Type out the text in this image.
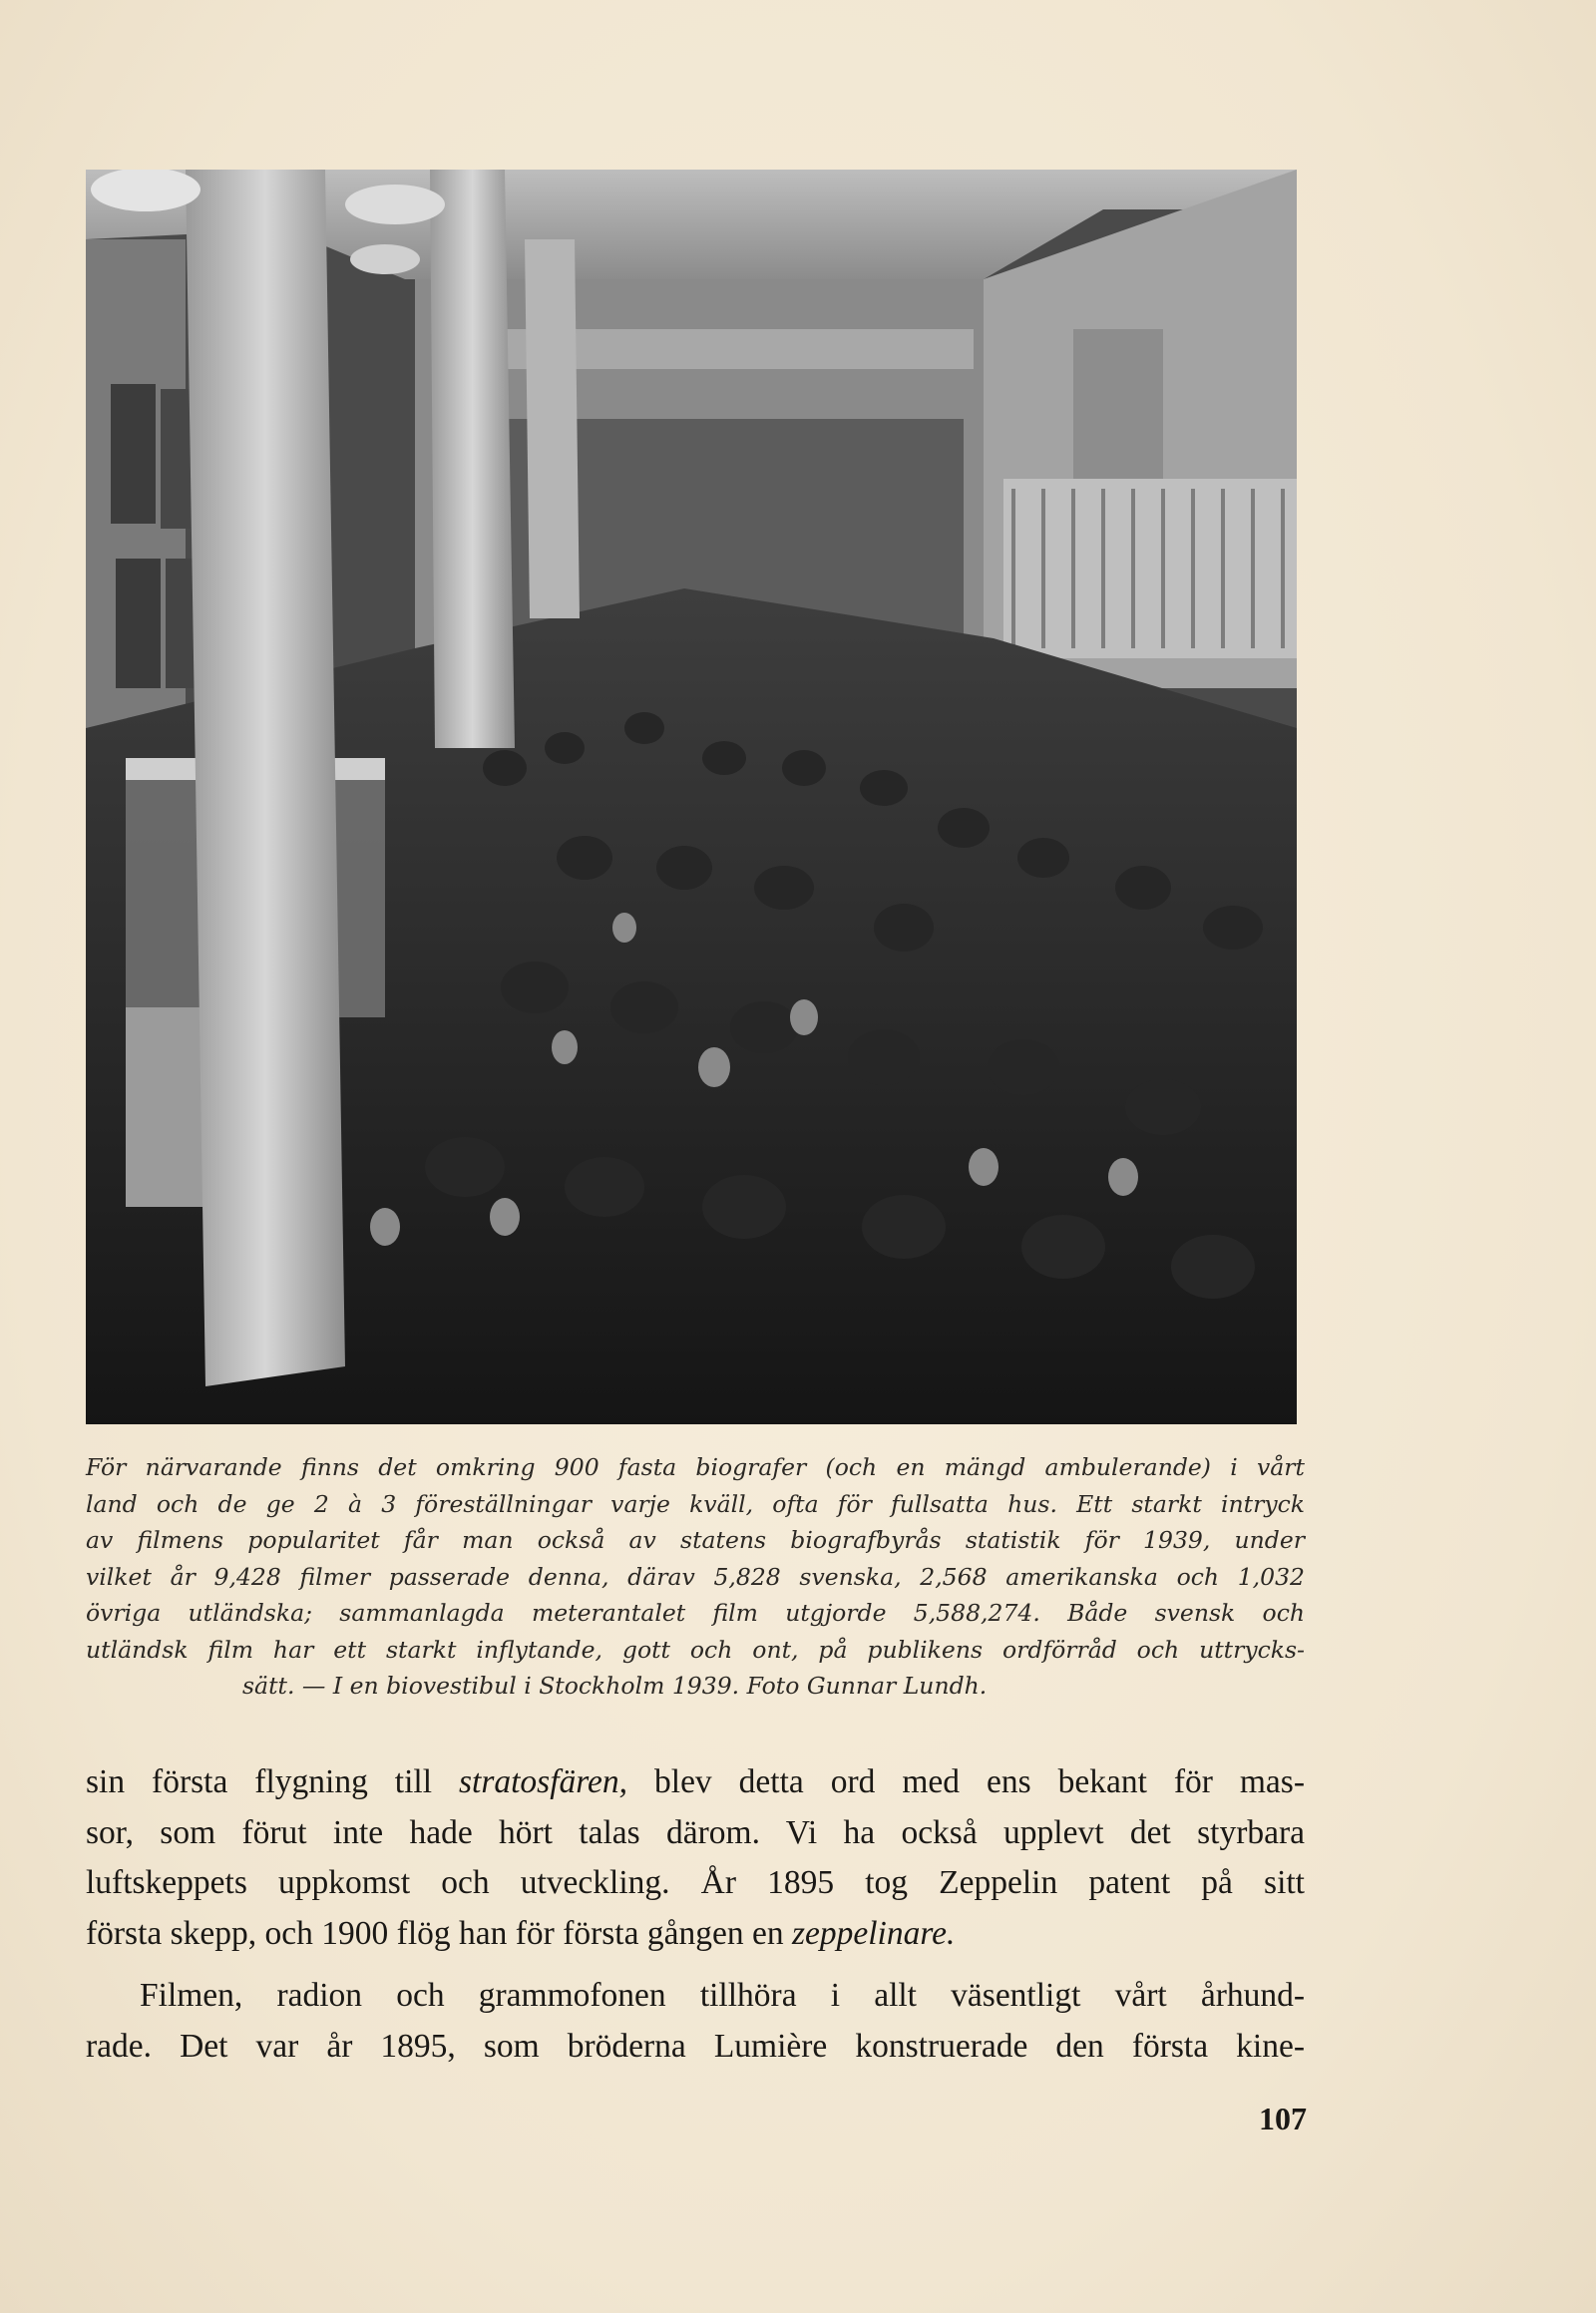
För närvarande finns det omkring 900 fasta biografer (och en mängd ambulerande) i vårt
land och de ge 2 à 3 föreställningar varje kväll, ofta för fullsatta hus. Ett starkt intryck
av filmens popularitet får man också av statens biografbyrås statistik för 1939, under
vilket år 9,428 filmer passerade denna, därav 5,828 svenska, 2,568 amerikanska och 1,032
övriga utländska; sammanlagda meterantalet film utgjorde 5,588,274. Både svensk och
utländsk film har ett starkt inflytande, gott och ont, på publikens ordförråd och uttrycks-
sätt. — I en biovestibul i Stockholm 1939. Foto Gunnar Lundh.
sin första flygning till stratosfären, blev detta ord med ens bekant för mas-
sor, som förut inte hade hört talas därom. Vi ha också upplevt det styrbara
luftskeppets uppkomst och utveckling. År 1895 tog Zeppelin patent på sitt
första skepp, och 1900 flög han för första gången en zeppelinare.
Filmen, radion och grammofonen tillhöra i allt väsentligt vårt århund-
rade. Det var år 1895, som bröderna Lumière konstruerade den första kine-
107
